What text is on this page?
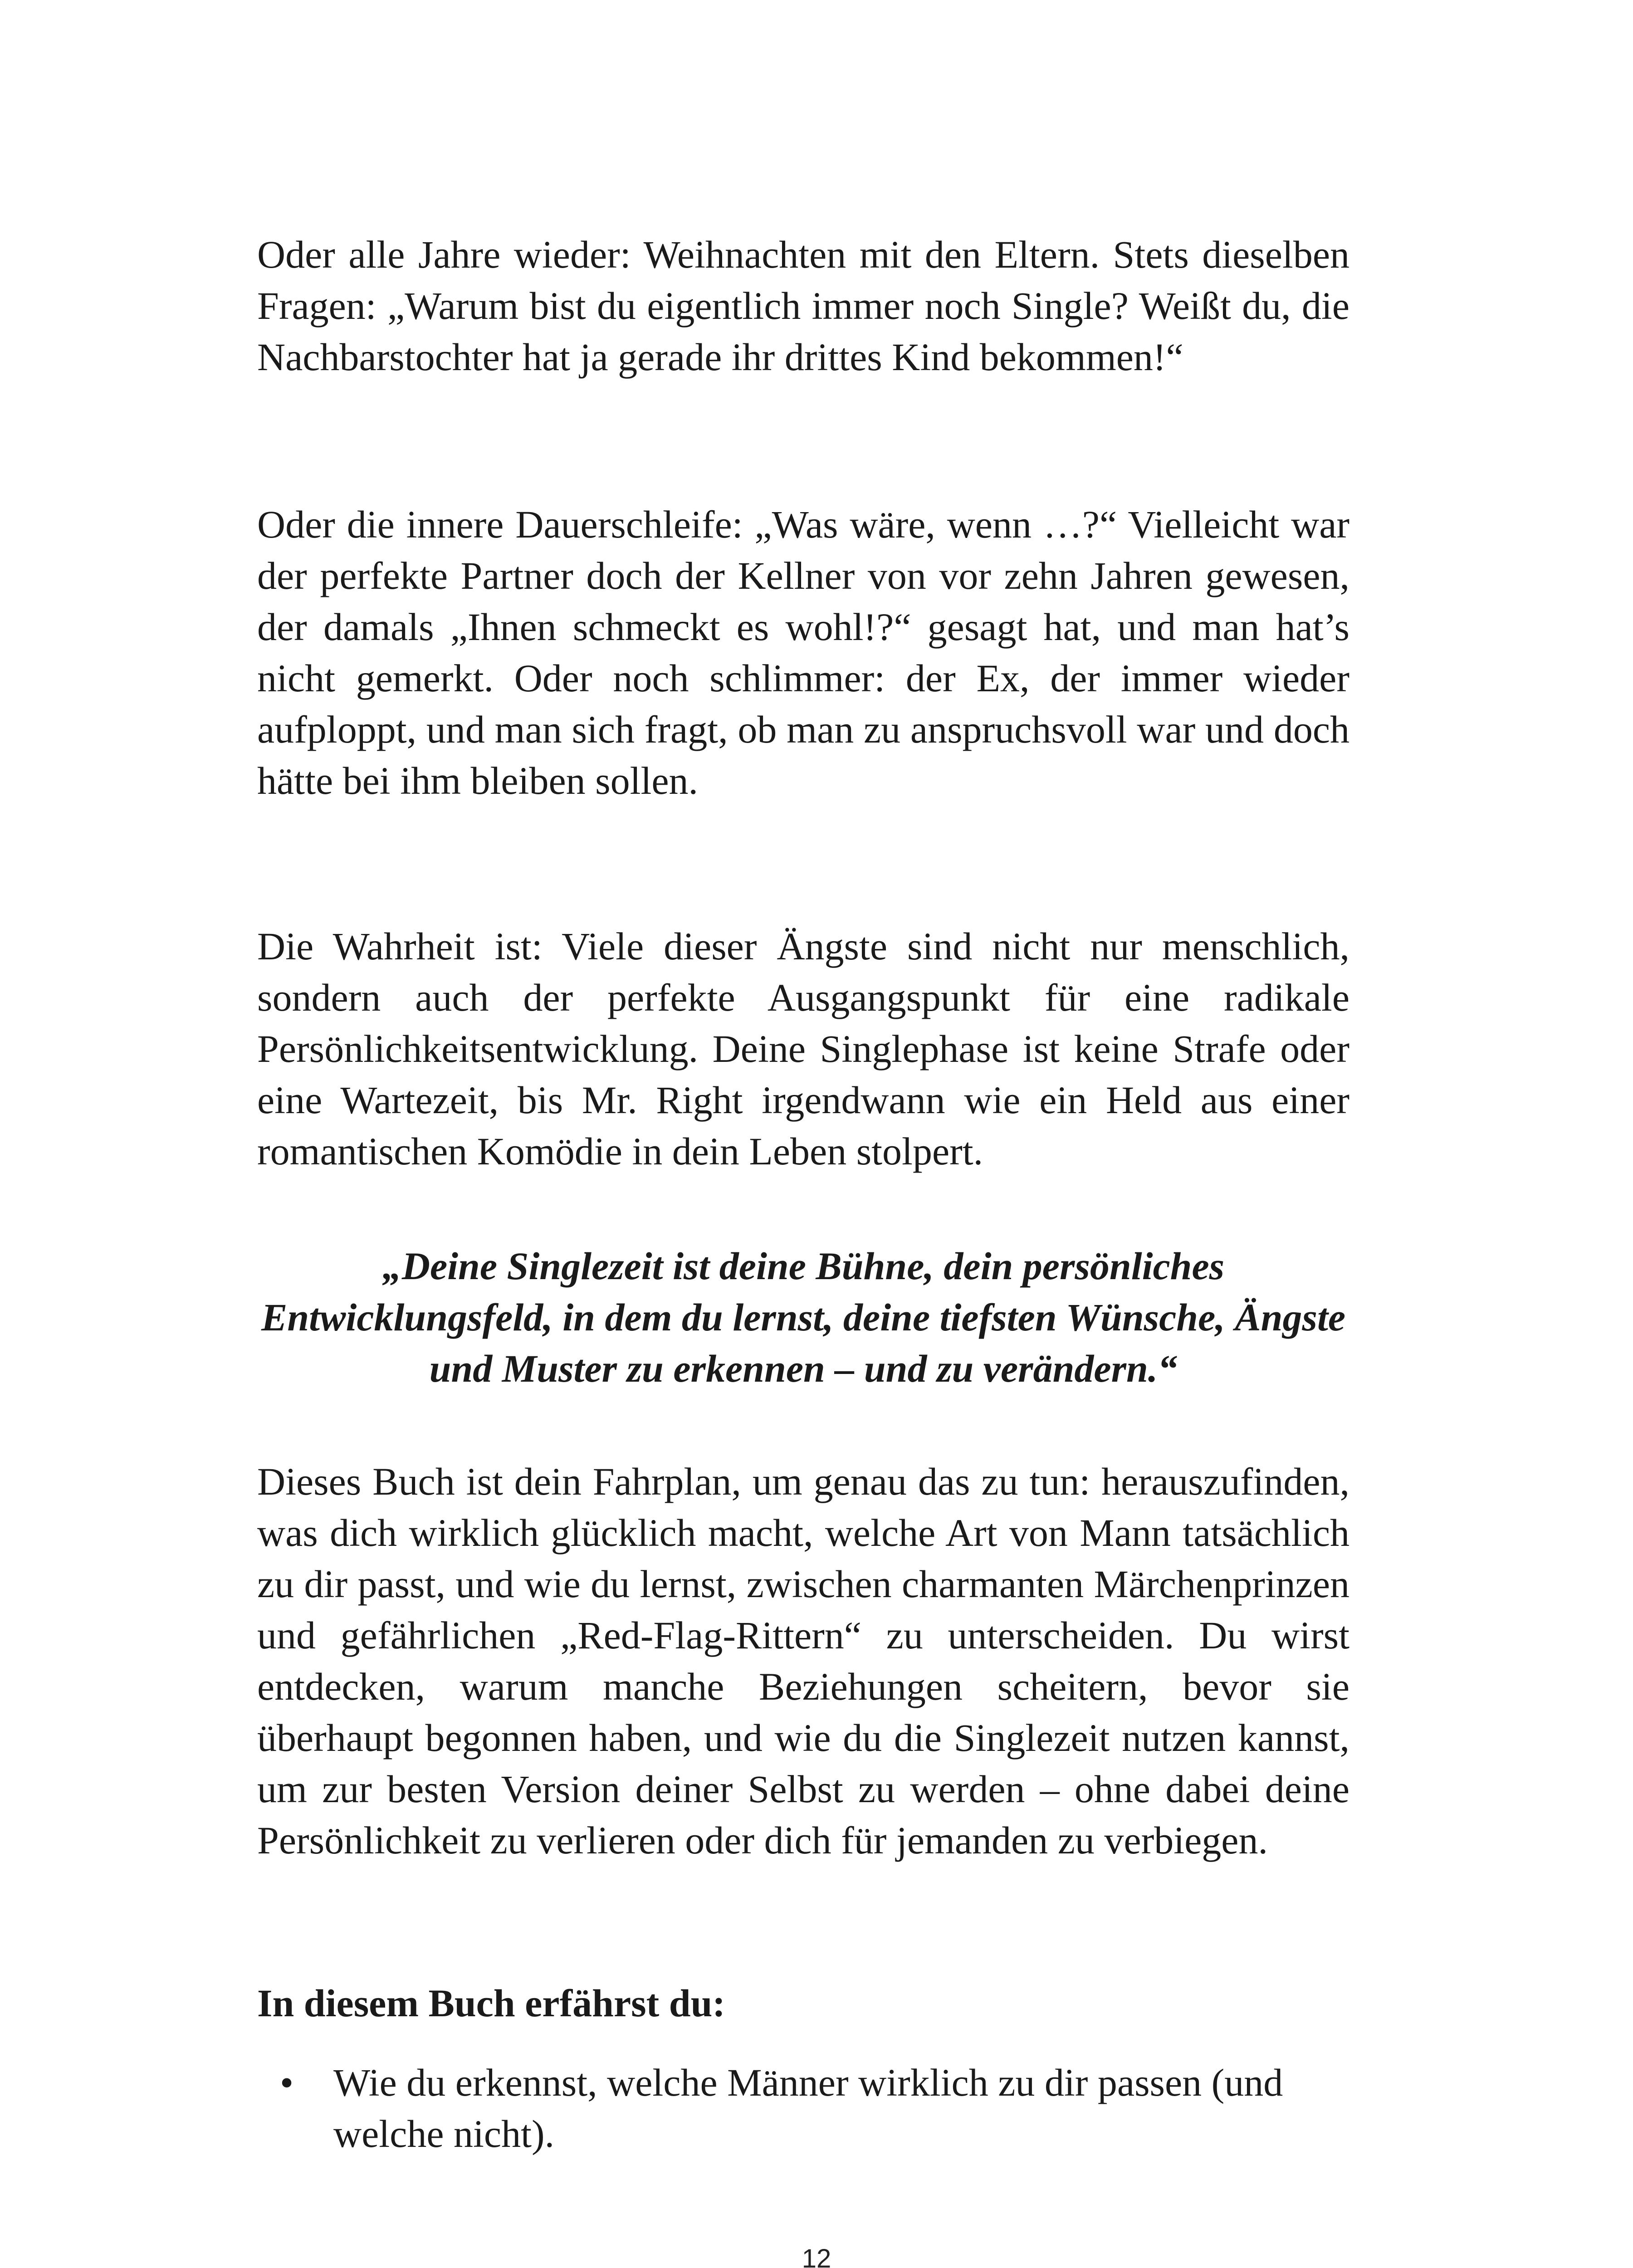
Oder alle Jahre wieder: Weihnachten mit den Eltern. Stets dieselben Fragen: „Warum bist du eigentlich immer noch Single? Weißt du, die Nachbarstochter hat ja gerade ihr drittes Kind bekommen!“

Oder die innere Dauerschleife: „Was wäre, wenn …?“ Vielleicht war der perfekte Partner doch der Kellner von vor zehn Jahren gewesen, der damals „Ihnen schmeckt es wohl!?“ gesagt hat, und man hat’s nicht gemerkt. Oder noch schlimmer: der Ex, der immer wieder aufploppt, und man sich fragt, ob man zu anspruchsvoll war und doch hätte bei ihm bleiben sollen.

Die Wahrheit ist: Viele dieser Ängste sind nicht nur menschlich, sondern auch der perfekte Ausgangspunkt für eine radikale Persönlichkeitsentwicklung. Deine Singlephase ist keine Strafe oder eine Wartezeit, bis Mr. Right irgendwann wie ein Held aus einer romantischen Komödie in dein Leben stolpert.

„Deine Singlezeit ist deine Bühne, dein persönliches Entwicklungsfeld, in dem du lernst, deine tiefsten Wünsche, Ängste und Muster zu erkennen – und zu verändern.“

Dieses Buch ist dein Fahrplan, um genau das zu tun: herauszufinden, was dich wirklich glücklich macht, welche Art von Mann tatsächlich zu dir passt, und wie du lernst, zwischen charmanten Märchenprinzen und gefährlichen „Red-Flag-Rittern“ zu unterscheiden. Du wirst entdecken, warum manche Beziehungen scheitern, bevor sie überhaupt begonnen haben, und wie du die Singlezeit nutzen kannst, um zur besten Version deiner Selbst zu werden – ohne dabei deine Persönlichkeit zu verlieren oder dich für jemanden zu verbiegen.

In diesem Buch erfährst du:

• Wie du erkennst, welche Männer wirklich zu dir passen (und welche nicht).
12
